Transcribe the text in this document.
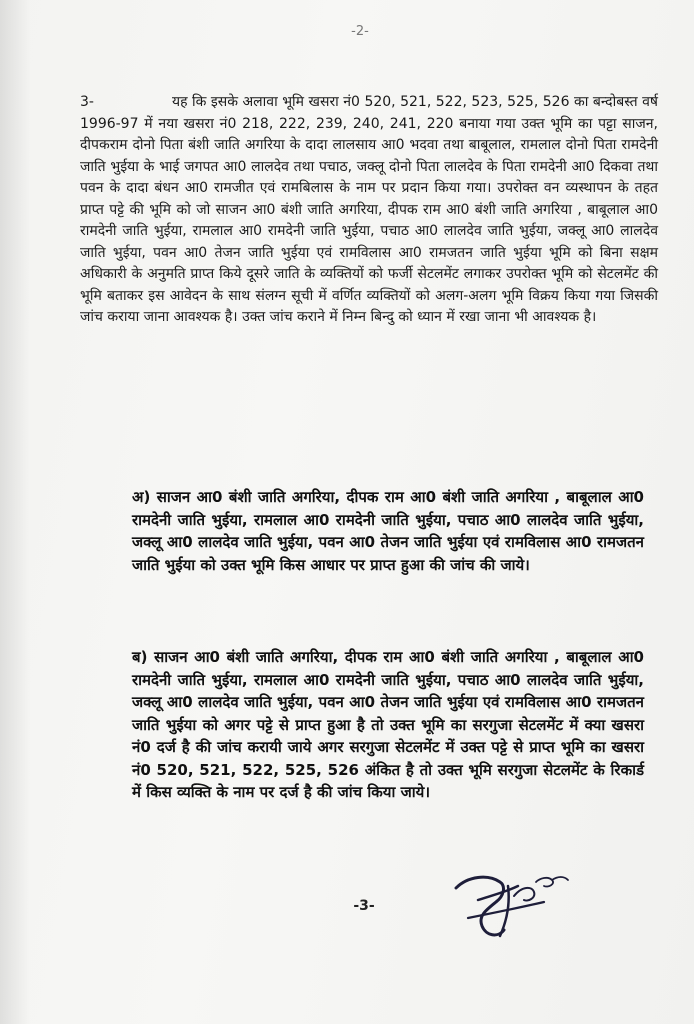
-2-

3-	यह कि इसके अलावा भूमि खसरा नं0 520, 521, 522, 523, 525, 526 का बन्दोबस्त वर्ष 1996-97 में नया खसरा नं0 218, 222, 239, 240, 241, 220 बनाया गया उक्त भूमि का पट्टा साजन, दीपकराम दोनो पिता बंशी जाति अगरिया के दादा लालसाय आ0 भदवा तथा बाबूलाल, रामलाल दोनो पिता रामदेनी जाति भुईया के भाई जगपत आ0 लालदेव तथा पचाठ, जक्लू दोनो पिता लालदेव के पिता रामदेनी आ0 दिकवा तथा पवन के दादा बंधन आ0 रामजीत एवं रामबिलास के नाम पर प्रदान किया गया। उपरोक्त वन व्यस्थापन के तहत प्राप्त पट्टे की भूमि को जो साजन आ0 बंशी जाति अगरिया, दीपक राम आ0 बंशी जाति अगरिया , बाबूलाल आ0 रामदेनी जाति भुईया, रामलाल आ0 रामदेनी जाति भुईया, पचाठ आ0 लालदेव जाति भुईया, जक्लू आ0 लालदेव जाति भुईया, पवन आ0 तेजन जाति भुईया एवं रामविलास आ0 रामजतन जाति भुईया भूमि को बिना सक्षम अधिकारी के अनुमति प्राप्त किये दूसरे जाति के व्यक्तियों को फर्जी सेटलमेंट लगाकर उपरोक्त भूमि को सेटलमेंट की भूमि बताकर इस आवेदन के साथ संलग्न सूची में वर्णित व्यक्तियों को अलग-अलग भूमि विक्रय किया गया जिसकी जांच कराया जाना आवश्यक है। उक्त जांच कराने में निम्न बिन्दु को ध्यान में रखा जाना भी आवश्यक है।

अ) साजन आ0 बंशी जाति अगरिया, दीपक राम आ0 बंशी जाति अगरिया , बाबूलाल आ0 रामदेनी जाति भुईया, रामलाल आ0 रामदेनी जाति भुईया, पचाठ आ0 लालदेव जाति भुईया, जक्लू आ0 लालदेव जाति भुईया, पवन आ0 तेजन जाति भुईया एवं रामविलास आ0 रामजतन जाति भुईया को उक्त भूमि किस आधार पर प्राप्त हुआ की जांच की जाये।

ब) साजन आ0 बंशी जाति अगरिया, दीपक राम आ0 बंशी जाति अगरिया , बाबूलाल आ0 रामदेनी जाति भुईया, रामलाल आ0 रामदेनी जाति भुईया, पचाठ आ0 लालदेव जाति भुईया, जक्लू आ0 लालदेव जाति भुईया, पवन आ0 तेजन जाति भुईया एवं रामविलास आ0 रामजतन जाति भुईया को अगर पट्टे से प्राप्त हुआ है तो उक्त भूमि का सरगुजा सेटलमेंट में क्या खसरा नं0 दर्ज है की जांच करायी जाये अगर सरगुजा सेटलमेंट में उक्त पट्टे से प्राप्त भूमि का खसरा नं0 520, 521, 522, 525, 526 अंकित है तो उक्त भूमि सरगुजा सेटलमेंट के रिकार्ड में किस व्यक्ति के नाम पर दर्ज है की जांच किया जाये।

-3-
